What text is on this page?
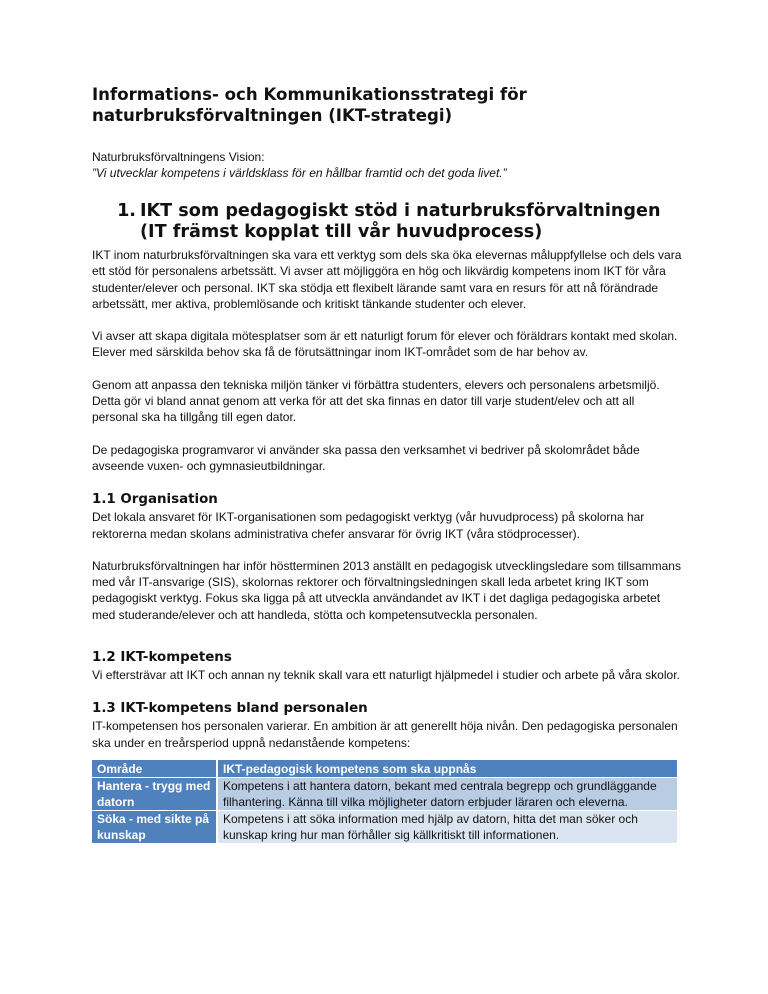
Informations- och Kommunikationsstrategi för
naturbruksförvaltningen (IKT-strategi)

Naturbruksförvaltningens Vision:

”Vi utvecklar kompetens i världsklass för en hållbar framtid och det goda livet.”

1. IKT som pedagogiskt stöd i naturbruksförvaltningen (IT främst kopplat till vår huvudprocess)

IKT inom naturbruksförvaltningen ska vara ett verktyg som dels ska öka elevernas måluppfyllelse och dels vara ett stöd för personalens arbetssätt. Vi avser att möjliggöra en hög och likvärdig kompetens inom IKT för våra studenter/elever och personal. IKT ska stödja ett flexibelt lärande samt vara en resurs för att nå förändrade arbetssätt, mer aktiva, problemlösande och kritiskt tänkande studenter och elever.

Vi avser att skapa digitala mötesplatser som är ett naturligt forum för elever och föräldrars kontakt med skolan. Elever med särskilda behov ska få de förutsättningar inom IKT-området som de har behov av.

Genom att anpassa den tekniska miljön tänker vi förbättra studenters, elevers och personalens arbetsmiljö. Detta gör vi bland annat genom att verka för att det ska finnas en dator till varje student/elev och att all personal ska ha tillgång till egen dator.

De pedagogiska programvaror vi använder ska passa den verksamhet vi bedriver på skolområdet både avseende vuxen- och gymnasieutbildningar.

1.1 Organisation

Det lokala ansvaret för IKT-organisationen som pedagogiskt verktyg (vår huvudprocess) på skolorna har rektorerna medan skolans administrativa chefer ansvarar för övrig IKT (våra stödprocesser).

Naturbruksförvaltningen har inför höstterminen 2013 anställt en pedagogisk utvecklingsledare som tillsammans med vår IT-ansvarige (SIS), skolornas rektorer och förvaltningsledningen skall leda arbetet kring IKT som pedagogiskt verktyg. Fokus ska ligga på att utveckla användandet av IKT i det dagliga pedagogiska arbetet med studerande/elever och att handleda, stötta och kompetensutveckla personalen.

1.2 IKT-kompetens

Vi eftersträvar att IKT och annan ny teknik skall vara ett naturligt hjälpmedel i studier och arbete på våra skolor.

1.3 IKT-kompetens bland personalen

IT-kompetensen hos personalen varierar. En ambition är att generellt höja nivån. Den pedagogiska personalen ska under en treårsperiod uppnå nedanstående kompetens:

Område	IKT-pedagogisk kompetens som ska uppnås
Hantera - trygg med datorn	Kompetens i att hantera datorn, bekant med centrala begrepp och grundläggande filhantering. Känna till vilka möjligheter datorn erbjuder läraren och eleverna.
Söka - med sikte på kunskap	Kompetens i att söka information med hjälp av datorn, hitta det man söker och kunskap kring hur man förhåller sig källkritiskt till informationen.
